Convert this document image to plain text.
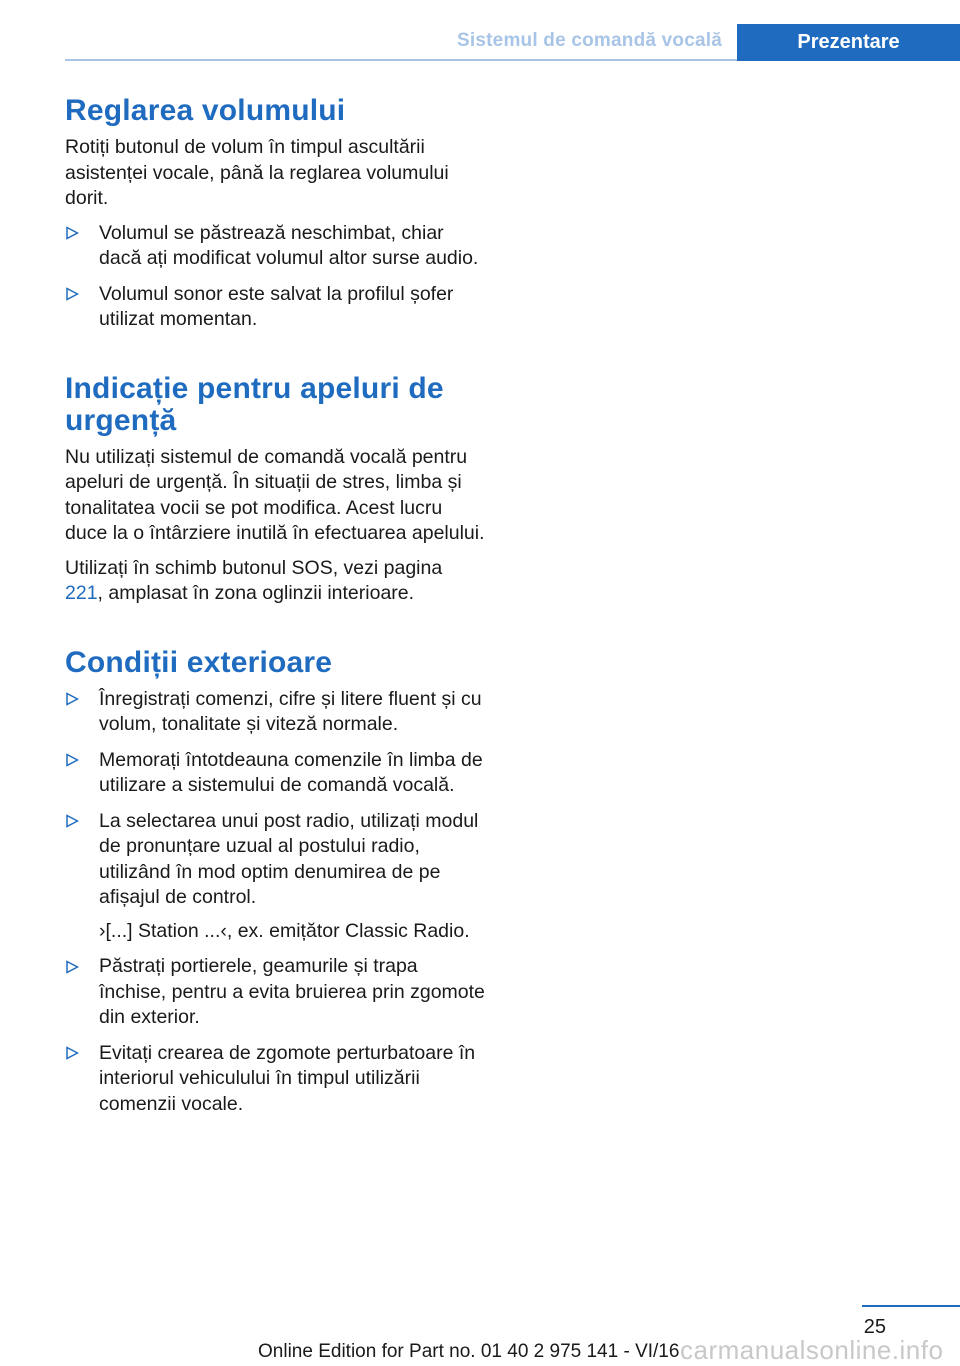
Sistemul de comandă vocală	Prezentare
Reglarea volumului

Rotiți butonul de volum în timpul ascultării asistenței vocale, până la reglarea volumului dorit.

Volumul se păstrează neschimbat, chiar dacă ați modificat volumul altor surse audio.
Volumul sonor este salvat la profilul șofer utilizat momentan.
Indicație pentru apeluri de urgență

Nu utilizați sistemul de comandă vocală pentru apeluri de urgență. În situații de stres, limba și tonalitatea vocii se pot modifica. Acest lucru duce la o întârziere inutilă în efectuarea apelului.

Utilizați în schimb butonul SOS, vezi pagina 221, amplasat în zona oglinzii interioare.

Condiții exterioare
Înregistrați comenzi, cifre și litere fluent și cu volum, tonalitate și viteză normale.
Memorați întotdeauna comenzile în limba de utilizare a sistemului de comandă vocală.
La selectarea unui post radio, utilizați modul de pronunțare uzual al postului radio, utilizând în mod optim denumirea de pe afișajul de control.
›[...] Station ...‹, ex. emițător Classic Radio.
Păstrați portierele, geamurile și trapa închise, pentru a evita bruierea prin zgomote din exterior.
Evitați crearea de zgomote perturbatoare în interiorul vehiculului în timpul utilizării comenzii vocale.
25
carmanualsonline.info
Online Edition for Part no. 01 40 2 975 141 - VI/16
